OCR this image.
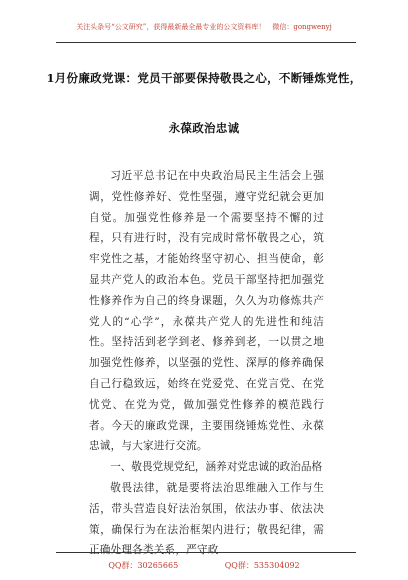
关注头条号“公文研究”，获得最新最全最专业的公文资料库！　微信：gongwenyj
1月份廉政党课：党员干部要保持敬畏之心，不断锤炼党性，
永葆政治忠诚

习近平总书记在中央政治局民主生活会上强调，党性修养好、党性坚强，遵守党纪就会更加自觉。加强党性修养是一个需要坚持不懈的过程，只有进行时，没有完成时常怀敬畏之心，筑牢党性之基，才能始终坚守初心、担当使命，彰显共产党人的政治本色。党员干部坚持把加强党性修养作为自己的终身课题，久久为功修炼共产党人的“心学”，永葆共产党人的先进性和纯洁性。坚持活到老学到老、修养到老，一以贯之地加强党性修养，以坚强的党性、深厚的修养确保自己行稳致远，始终在党爱党、在党言党、在党忧党、在党为党，做加强党性修养的模范践行者。今天的廉政党课，主要围绕锤炼党性、永葆忠诚，与大家进行交流。

一、敬畏党规党纪，涵养对党忠诚的政治品格

敬畏法律，就是要将法治思维融入工作与生活，带头营造良好法治氛围，依法办事、依法决策，确保行为在法治框架内进行；敬畏纪律，需正确处理各类关系，严守政

QQ群：30265665	QQ群：535304092
